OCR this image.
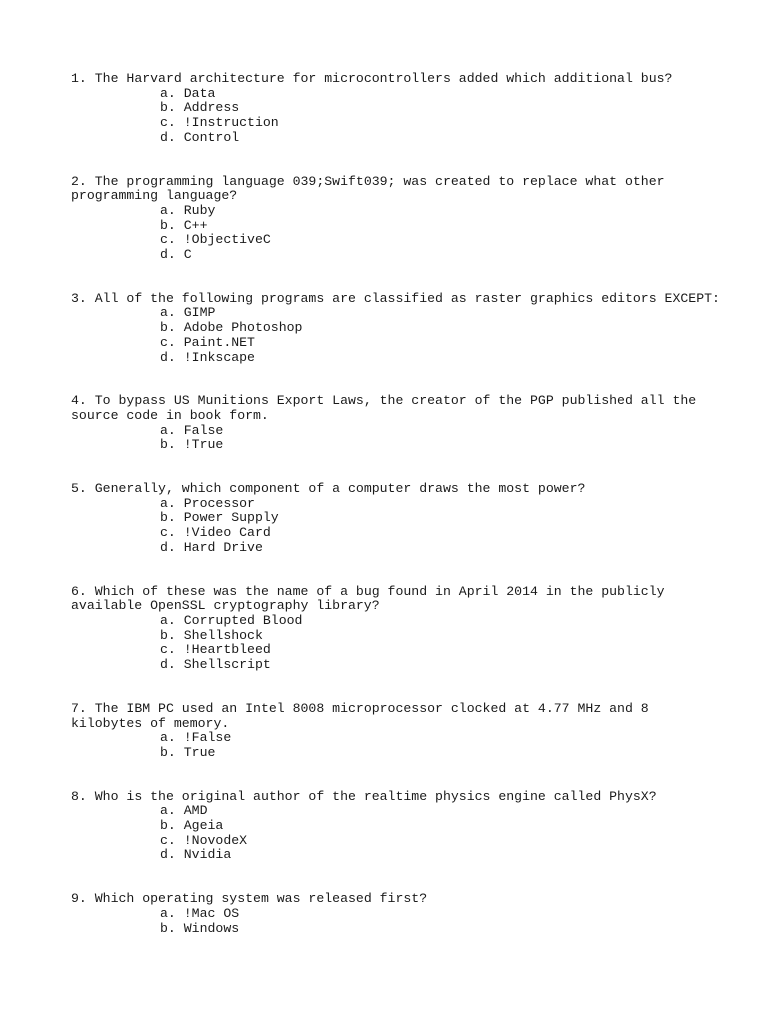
1. The Harvard architecture for microcontrollers added which additional bus?

a. Data

b. Address

c. !Instruction

d. Control

2. The programming language 039;Swift039; was created to replace what other programming language?

a. Ruby

b. C++

c. !ObjectiveC

d. C

3. All of the following programs are classified as raster graphics editors EXCEPT:

a. GIMP

b. Adobe Photoshop

c. Paint.NET

d. !Inkscape

4. To bypass US Munitions Export Laws, the creator of the PGP published all the source code in book form.

a. False

b. !True

5. Generally, which component of a computer draws the most power?

a. Processor

b. Power Supply

c. !Video Card

d. Hard Drive

6. Which of these was the name of a bug found in April 2014 in the publicly available OpenSSL cryptography library?

a. Corrupted Blood

b. Shellshock

c. !Heartbleed

d. Shellscript

7. The IBM PC used an Intel 8008 microprocessor clocked at 4.77 MHz and 8 kilobytes of memory.

a. !False

b. True

8. Who is the original author of the realtime physics engine called PhysX?

a. AMD

b. Ageia

c. !NovodeX

d. Nvidia

9. Which operating system was released first?

a. !Mac OS

b. Windows
